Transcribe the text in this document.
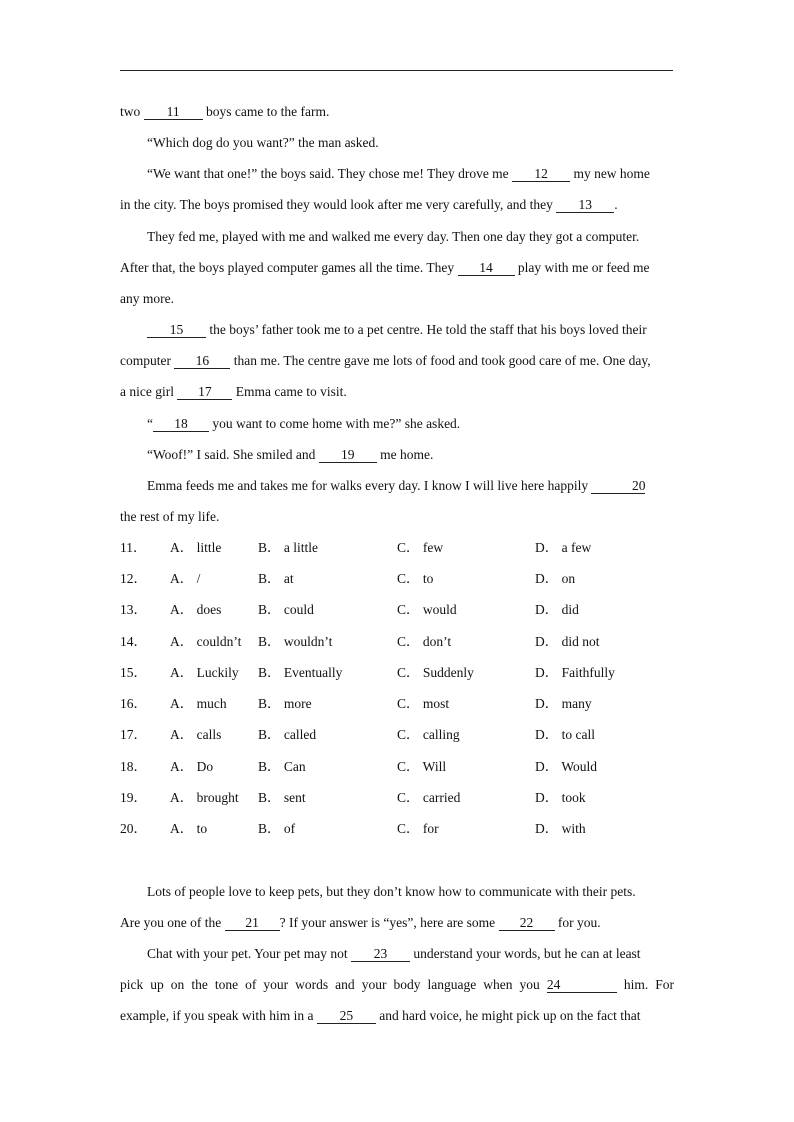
two 11 boys came to the farm.
“Which dog do you want?” the man asked.
“We want that one!” the boys said. They chose me! They drove me 12 my new home
in the city. The boys promised they would look after me very carefully, and they 13 .
They fed me, played with me and walked me every day. Then one day they got a computer.
After that, the boys played computer games all the time. They 14 play with me or feed me
any more.
15 the boys’ father took me to a pet centre. He told the staff that his boys loved their
computer 16 than me. The centre gave me lots of food and took good care of me. One day,
a nice girl 17 Emma came to visit.
“ 18 you want to come home with me?” she asked.
“Woof!” I said. She smiled and 19 me home.
Emma feeds me and takes me for walks every day. I know I will live here happily	20
the rest of my life.
11． A． little	B． a little	C． few	D． a few
12． A． /	B． at	C． to	D． on
13． A． does	B． could	C． would	D． did
14． A． couldn’t B． wouldn’t	C． don’t	D． did not
15． A． Luckily B． Eventually	C． Suddenly	D． Faithfully
16． A． much B． more	C． most	D． many
17． A． calls	B． called	C． calling	D． to call
18． A． Do	B． Can	C． Will	D． Would
19． A． brought B． sent	C． carried	D． took
20． A． to	B． of	C． for	D． with
Lots of people love to keep pets, but they don’t know how to communicate with their pets.
Are you one of the 21 ? If your answer is “yes”, here are some 22 for you.
Chat with your pet. Your pet may not 23 understand your words, but he can at least
pick up on the tone of your words and your body language when you 24	him. For
example, if you speak with him in a 25 and hard voice, he might pick up on the fact that
